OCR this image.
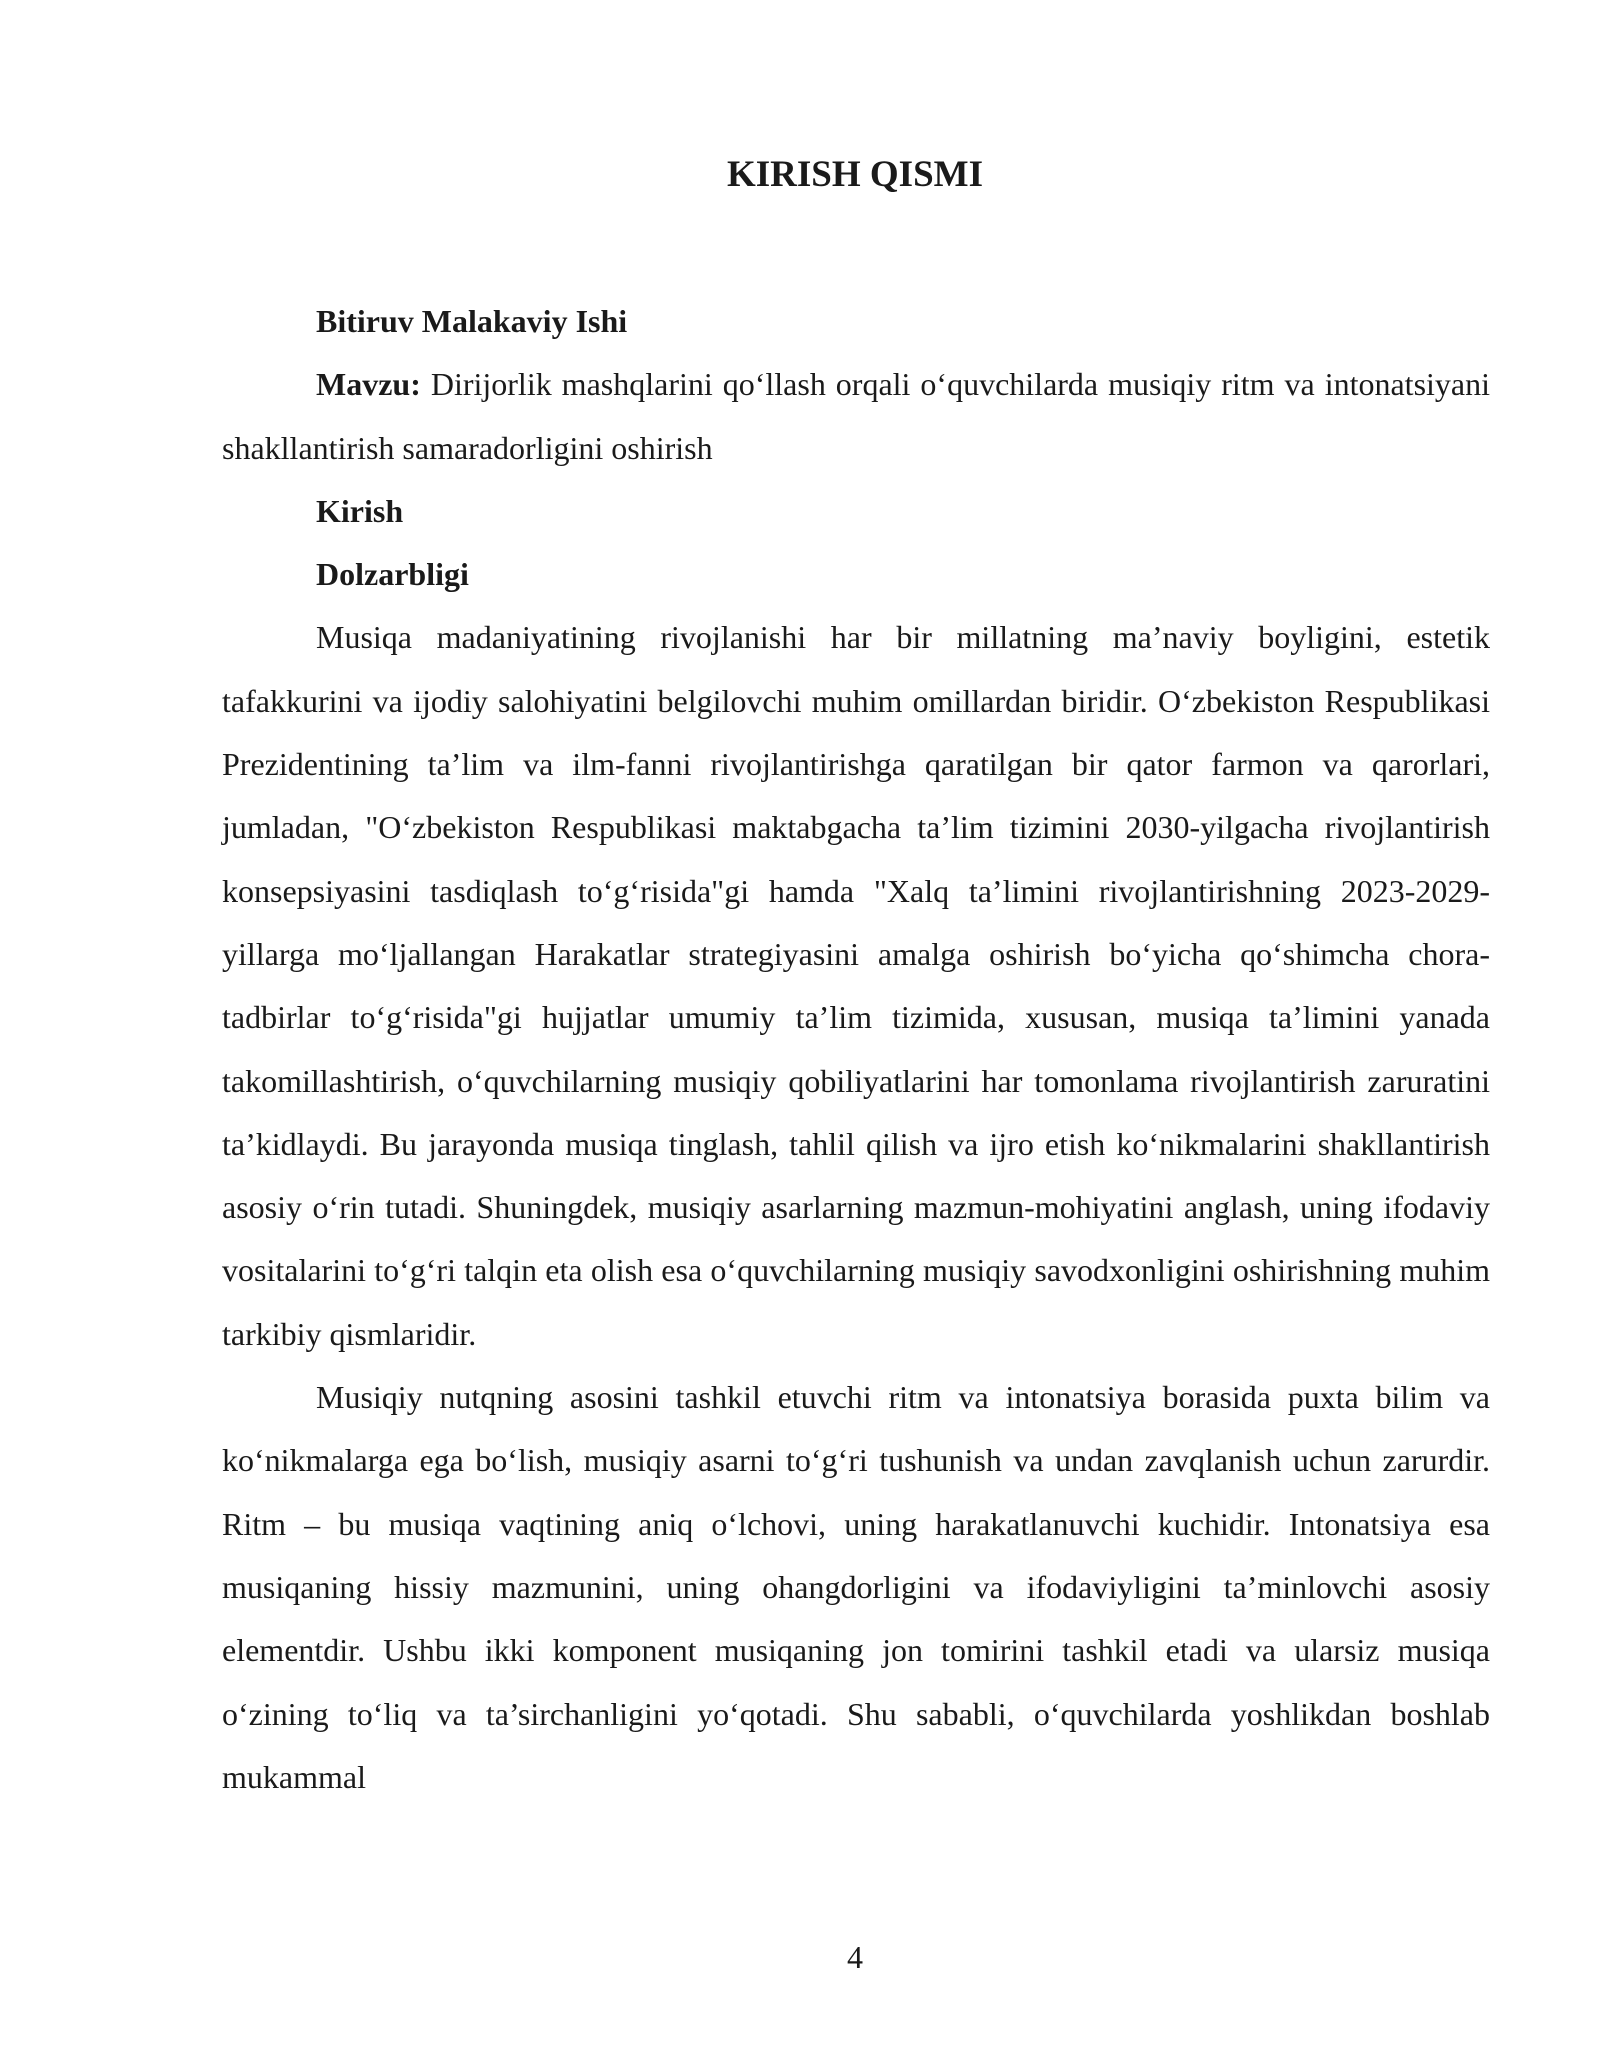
KIRISH QISMI

Bitiruv Malakaviy Ishi

Mavzu: Dirijorlik mashqlarini qo‘llash orqali o‘quvchilarda musiqiy ritm va intonatsiyani shakllantirish samaradorligini oshirish

Kirish

Dolzarbligi

Musiqa madaniyatining rivojlanishi har bir millatning ma’naviy boyligini, estetik tafakkurini va ijodiy salohiyatini belgilovchi muhim omillardan biridir. O‘zbekiston Respublikasi Prezidentining ta’lim va ilm-fanni rivojlantirishga qaratilgan bir qator farmon va qarorlari, jumladan, "O‘zbekiston Respublikasi maktabgacha ta’lim tizimini 2030-yilgacha rivojlantirish konsepsiyasini tasdiqlash to‘g‘risida"gi hamda "Xalq ta’limini rivojlantirishning 2023-2029-yillarga mo‘ljallangan Harakatlar strategiyasini amalga oshirish bo‘yicha qo‘shimcha chora-tadbirlar to‘g‘risida"gi hujjatlar umumiy ta’lim tizimida, xususan, musiqa ta’limini yanada takomillashtirish, o‘quvchilarning musiqiy qobiliyatlarini har tomonlama rivojlantirish zaruratini ta’kidlaydi. Bu jarayonda musiqa tinglash, tahlil qilish va ijro etish ko‘nikmalarini shakllantirish asosiy o‘rin tutadi. Shuningdek, musiqiy asarlarning mazmun-mohiyatini anglash, uning ifodaviy vositalarini to‘g‘ri talqin eta olish esa o‘quvchilarning musiqiy savodxonligini oshirishning muhim tarkibiy qismlaridir.

Musiqiy nutqning asosini tashkil etuvchi ritm va intonatsiya borasida puxta bilim va ko‘nikmalarga ega bo‘lish, musiqiy asarni to‘g‘ri tushunish va undan zavqlanish uchun zarurdir. Ritm – bu musiqa vaqtining aniq o‘lchovi, uning harakatlanuvchi kuchidir. Intonatsiya esa musiqaning hissiy mazmunini, uning ohangdorligini va ifodaviyligini ta’minlovchi asosiy elementdir. Ushbu ikki komponent musiqaning jon tomirini tashkil etadi va ularsiz musiqa o‘zining to‘liq va ta’sirchanligini yo‘qotadi. Shu sababli, o‘quvchilarda yoshlikdan boshlab mukammal

4
